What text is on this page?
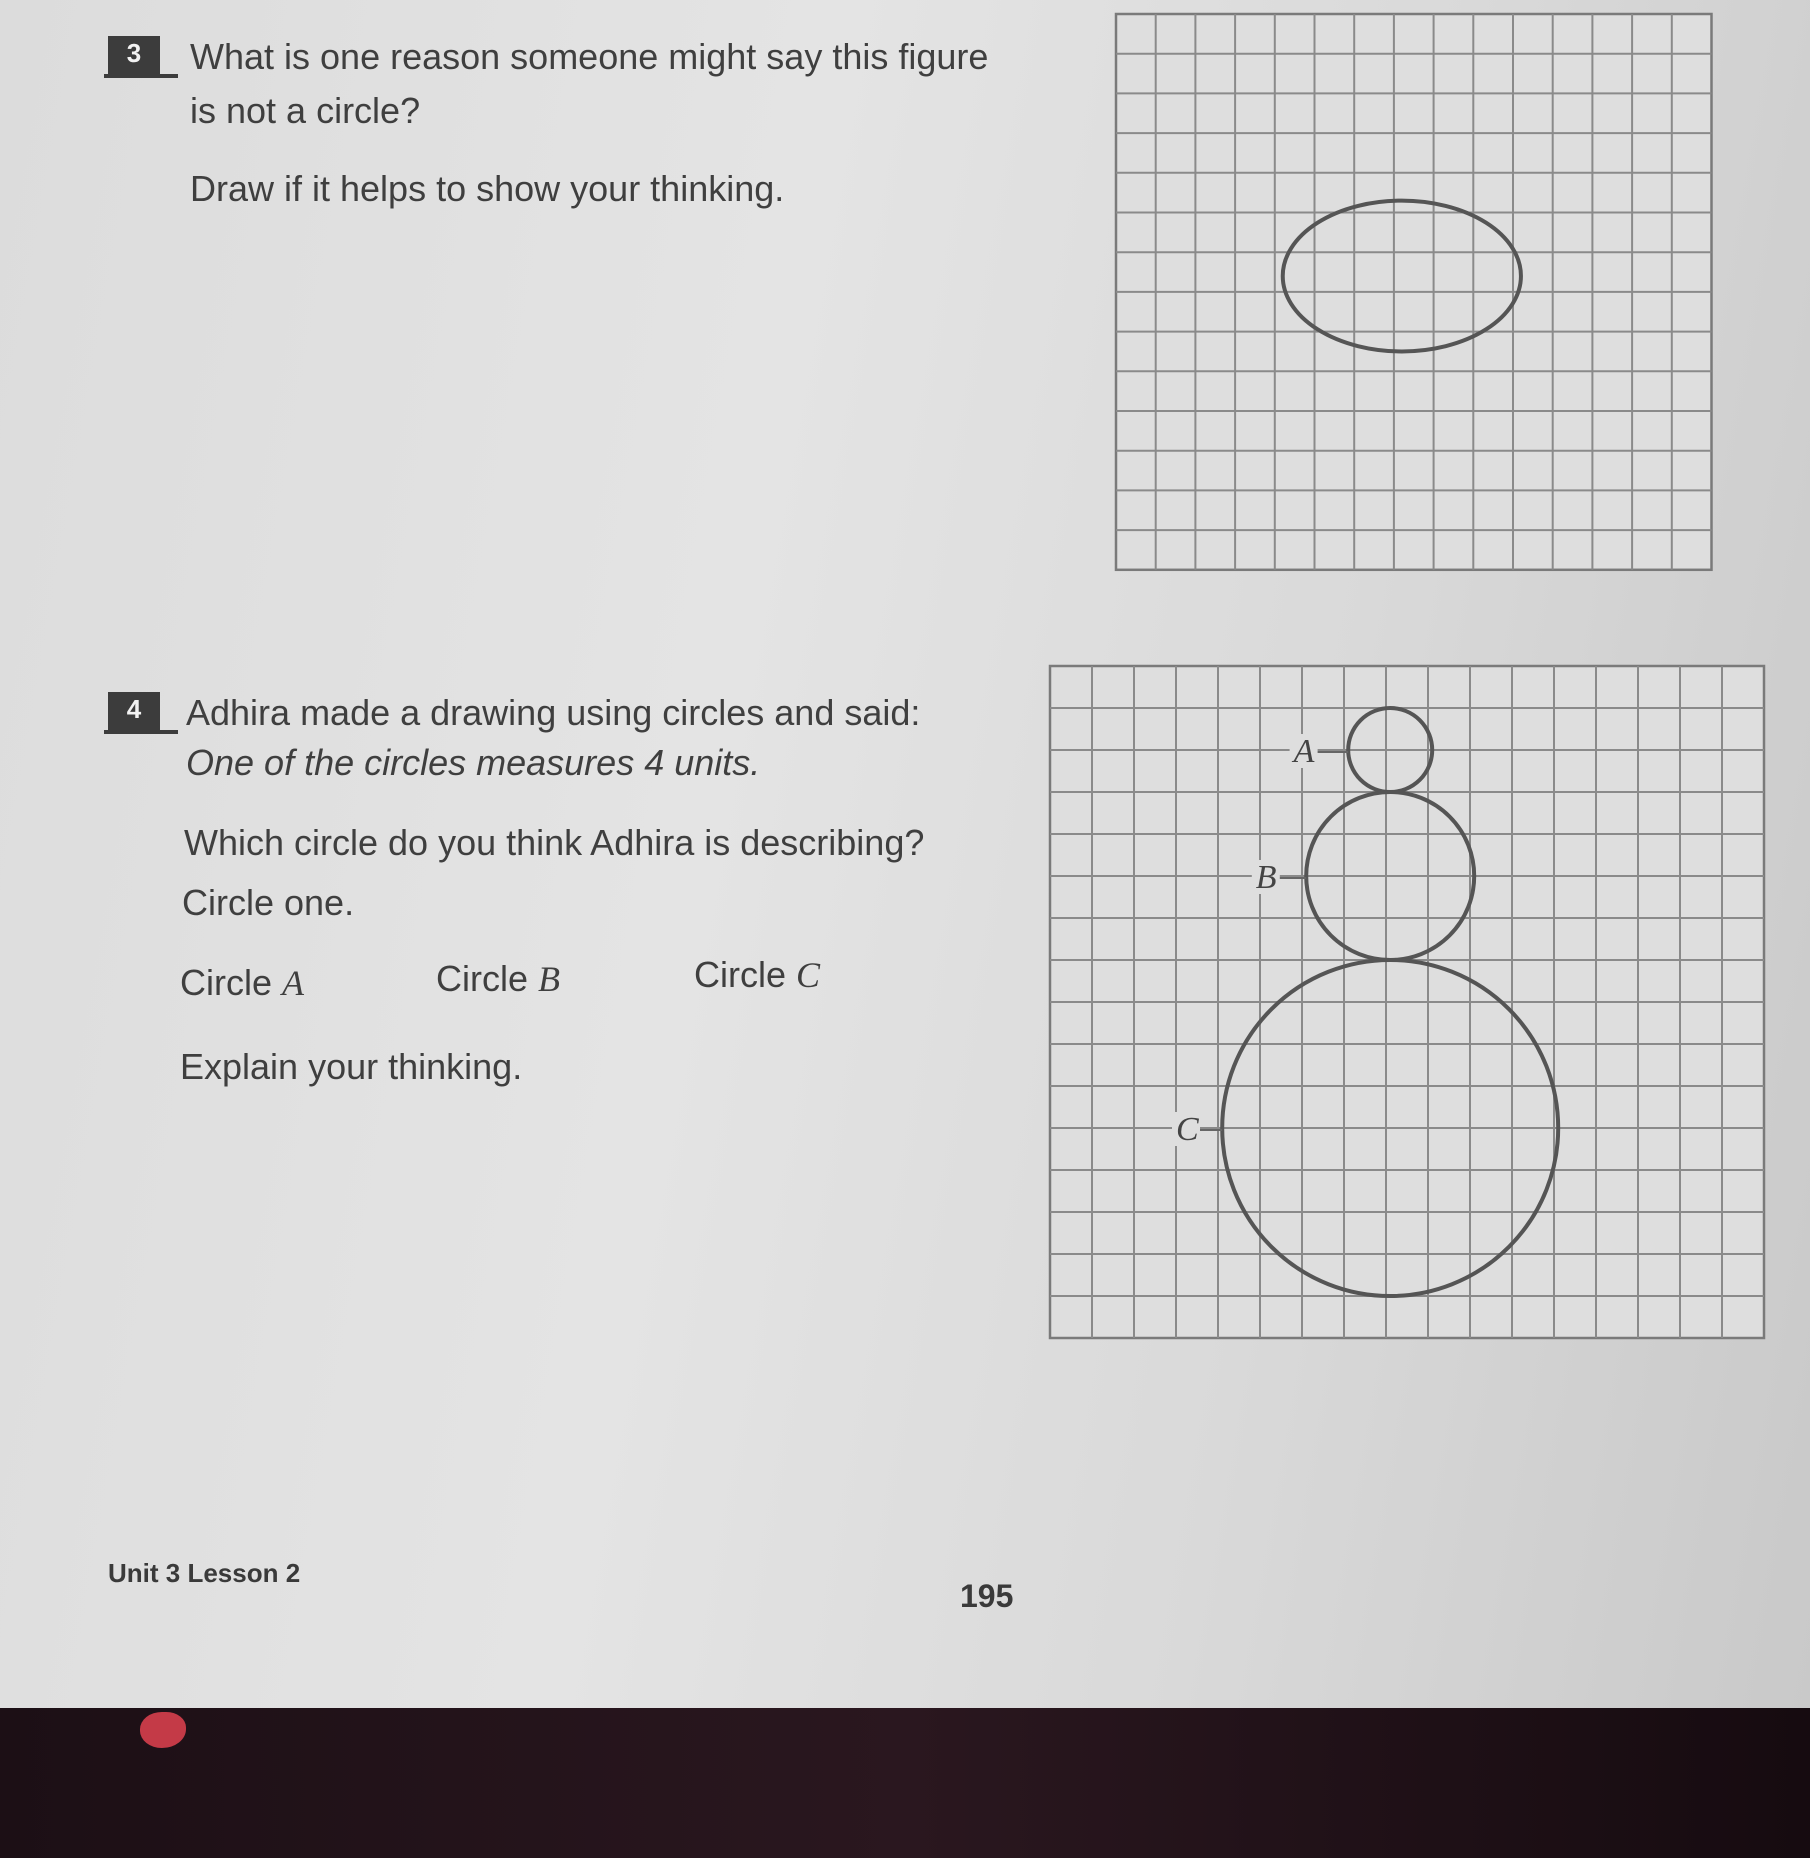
3	What is one reason someone might say this figure
is not a circle?
Draw if it helps to show your thinking.
4	Adhira made a drawing using circles and said:
One of the circles measures 4 units.
Which circle do you think Adhira is describing?
Circle one.
Circle A	Circle B	Circle C
Explain your thinking.
A
B
C
Unit 3 Lesson 2
195
